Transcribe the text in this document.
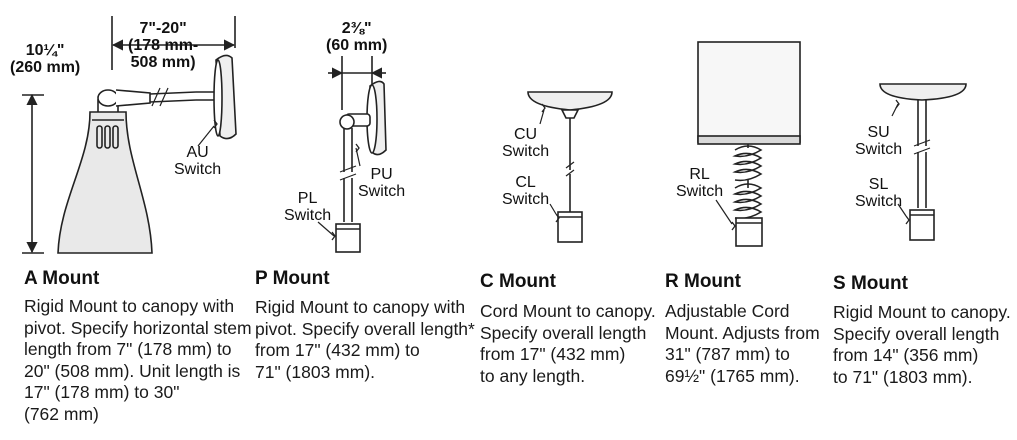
10¼"
(260 mm)
7"-20"
(178 mm-
508 mm)
2⅜"
(60 mm)
AU
Switch
PL
Switch
PU
Switch
CU
Switch
CL
Switch
RL
Switch
SU
Switch
SL
Switch
A Mount	P Mount	C Mount	R Mount	S Mount
Rigid Mount to canopy with
pivot. Specify horizontal stem
length from 7" (178 mm) to
20" (508 mm). Unit length is
17" (178 mm) to 30"
(762 mm)
Rigid Mount to canopy with
pivot. Specify overall length*
from 17" (432 mm) to
71" (1803 mm).
Cord Mount to canopy.
Specify overall length
from 17" (432 mm)
to any length.
Adjustable Cord
Mount. Adjusts from
31" (787 mm) to
69½" (1765 mm).
Rigid Mount to canopy.
Specify overall length
from 14" (356 mm)
to 71" (1803 mm).
